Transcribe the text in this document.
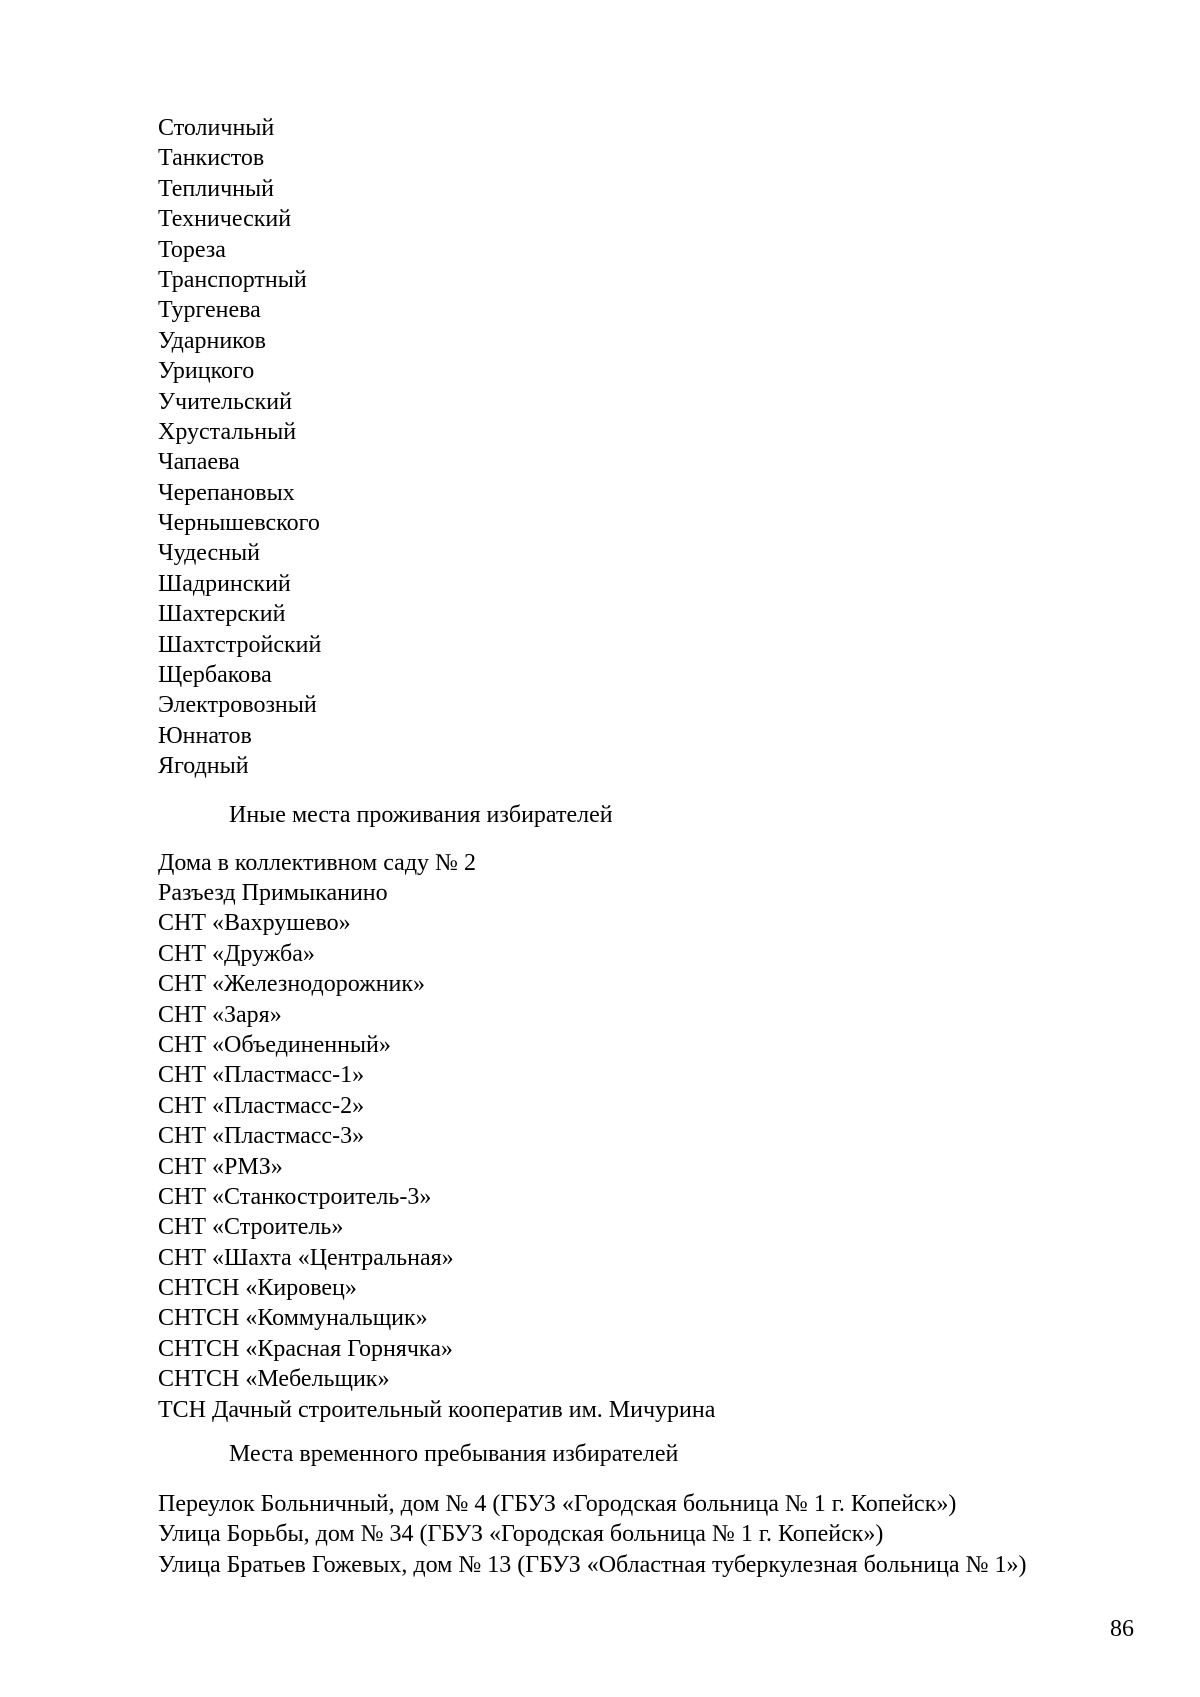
Столичный
Танкистов
Тепличный
Технический
Тореза
Транспортный
Тургенева
Ударников
Урицкого
Учительский
Хрустальный
Чапаева
Черепановых
Чернышевского
Чудесный
Шадринский
Шахтерский
Шахтстройский
Щербакова
Электровозный
Юннатов
Ягодный
Иные места проживания избирателей
Дома в коллективном саду № 2
Разъезд Примыканино
СНТ «Вахрушево»
СНТ «Дружба»
СНТ «Железнодорожник»
СНТ «Заря»
СНТ «Объединенный»
СНТ «Пластмасс-1»
СНТ «Пластмасс-2»
СНТ «Пластмасс-3»
СНТ «РМЗ»
СНТ «Станкостроитель-3»
СНТ «Строитель»
СНТ «Шахта «Центральная»
СНТСН «Кировец»
СНТСН «Коммунальщик»
СНТСН «Красная Горнячка»
СНТСН «Мебельщик»
ТСН Дачный строительный кооператив им. Мичурина
Места временного пребывания избирателей
Переулок Больничный, дом № 4 (ГБУЗ «Городская больница № 1 г. Копейск»)
Улица Борьбы, дом № 34 (ГБУЗ «Городская больница № 1 г. Копейск»)
Улица Братьев Гожевых, дом № 13 (ГБУЗ «Областная туберкулезная больница № 1»)
86
